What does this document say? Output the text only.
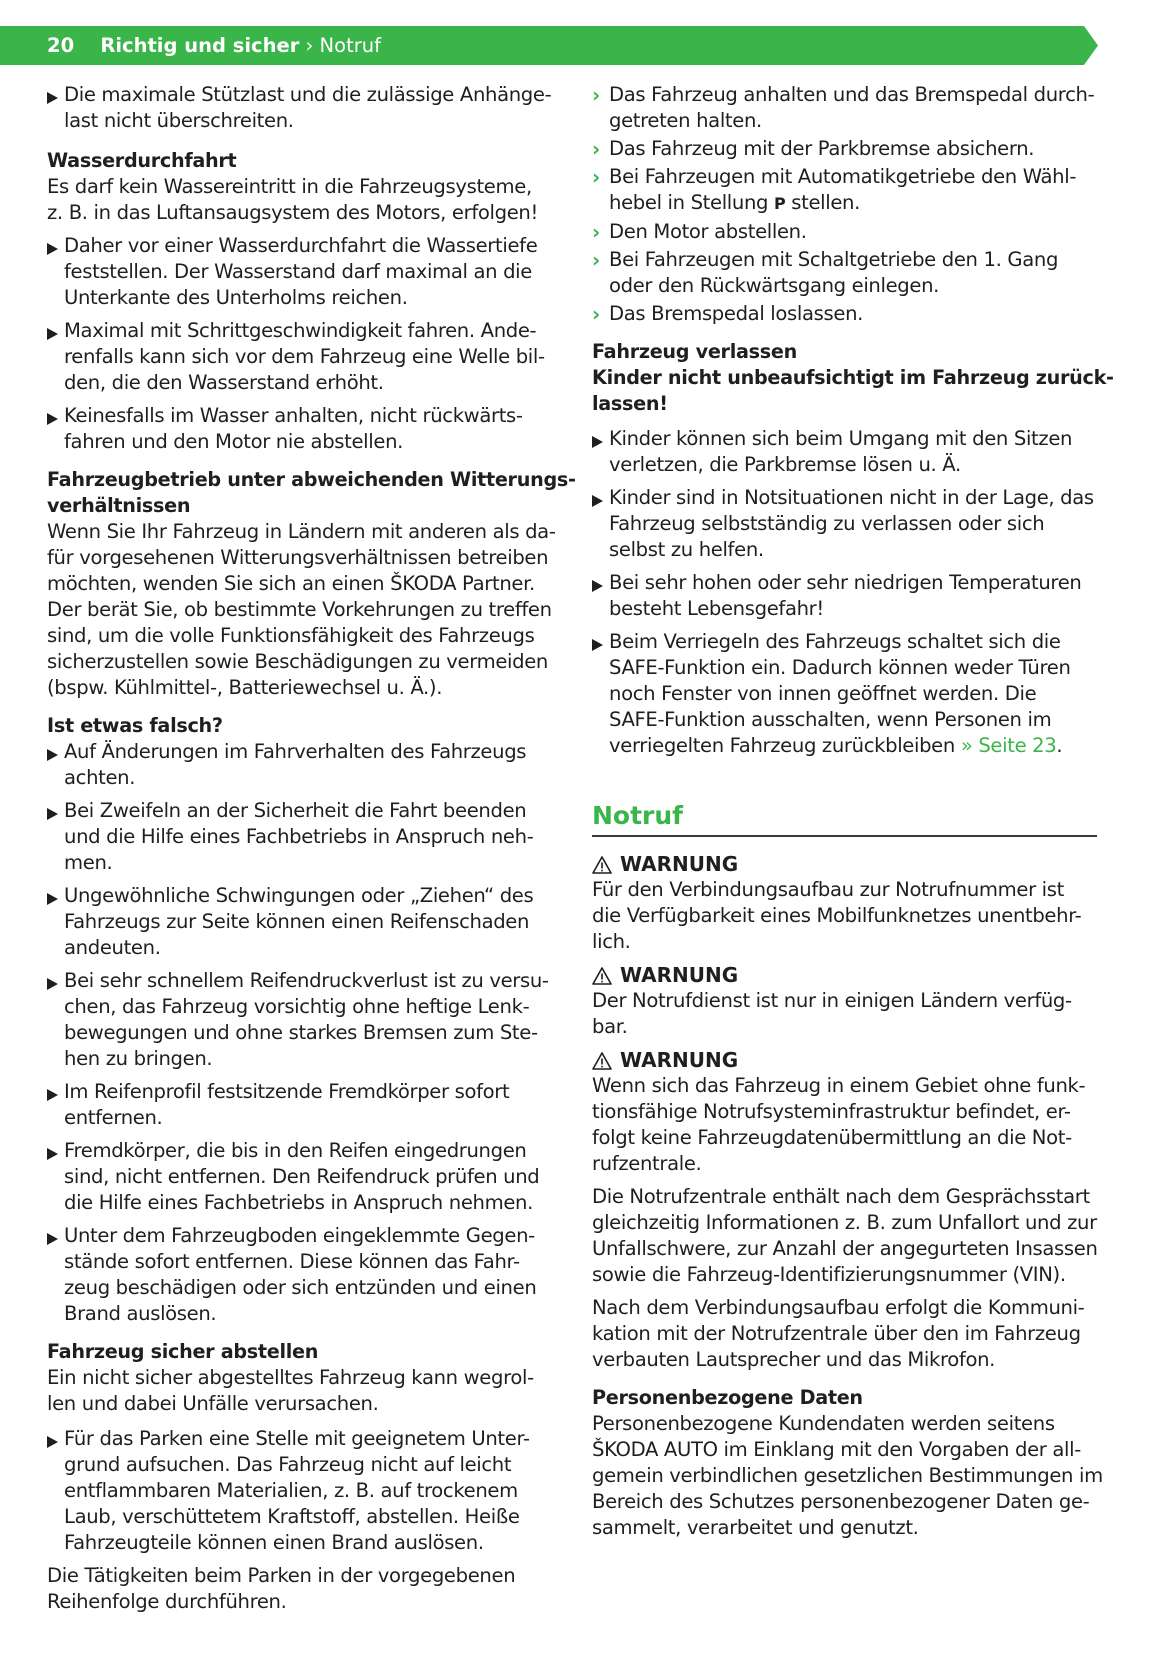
20 Richtig und sicher › Notruf
Die maximale Stützlast und die zulässige Anhänge-
last nicht überschreiten.
Wasserdurchfahrt
Es darf kein Wassereintritt in die Fahrzeugsysteme,
z. B. in das Luftansaugsystem des Motors, erfolgen!
Daher vor einer Wasserdurchfahrt die Wassertiefe
feststellen. Der Wasserstand darf maximal an die
Unterkante des Unterholms reichen.
Maximal mit Schrittgeschwindigkeit fahren. Ande-
renfalls kann sich vor dem Fahrzeug eine Welle bil-
den, die den Wasserstand erhöht.
Keinesfalls im Wasser anhalten, nicht rückwärts-
fahren und den Motor nie abstellen.
Fahrzeugbetrieb unter abweichenden Witterungs-
verhältnissen
Wenn Sie Ihr Fahrzeug in Ländern mit anderen als da-
für vorgesehenen Witterungsverhältnissen betreiben
möchten, wenden Sie sich an einen ŠKODA Partner.
Der berät Sie, ob bestimmte Vorkehrungen zu treffen
sind, um die volle Funktionsfähigkeit des Fahrzeugs
sicherzustellen sowie Beschädigungen zu vermeiden
(bspw. Kühlmittel-, Batteriewechsel u. Ä.).
Ist etwas falsch?
Auf Änderungen im Fahrverhalten des Fahrzeugs
achten.
Bei Zweifeln an der Sicherheit die Fahrt beenden
und die Hilfe eines Fachbetriebs in Anspruch neh-
men.
Ungewöhnliche Schwingungen oder „Ziehen“ des
Fahrzeugs zur Seite können einen Reifenschaden
andeuten.
Bei sehr schnellem Reifendruckverlust ist zu versu-
chen, das Fahrzeug vorsichtig ohne heftige Lenk-
bewegungen und ohne starkes Bremsen zum Ste-
hen zu bringen.
Im Reifenprofil festsitzende Fremdkörper sofort
entfernen.
Fremdkörper, die bis in den Reifen eingedrungen
sind, nicht entfernen. Den Reifendruck prüfen und
die Hilfe eines Fachbetriebs in Anspruch nehmen.
Unter dem Fahrzeugboden eingeklemmte Gegen-
stände sofort entfernen. Diese können das Fahr-
zeug beschädigen oder sich entzünden und einen
Brand auslösen.
Fahrzeug sicher abstellen
Ein nicht sicher abgestelltes Fahrzeug kann wegrol-
len und dabei Unfälle verursachen.
Für das Parken eine Stelle mit geeignetem Unter-
grund aufsuchen. Das Fahrzeug nicht auf leicht
entflammbaren Materialien, z. B. auf trockenem
Laub, verschüttetem Kraftstoff, abstellen. Heiße
Fahrzeugteile können einen Brand auslösen.
Die Tätigkeiten beim Parken in der vorgegebenen
Reihenfolge durchführen.
› Das Fahrzeug anhalten und das Bremspedal durch-
getreten halten.
› Das Fahrzeug mit der Parkbremse absichern.
› Bei Fahrzeugen mit Automatikgetriebe den Wähl-
hebel in Stellung P stellen.
› Den Motor abstellen.
› Bei Fahrzeugen mit Schaltgetriebe den 1. Gang
oder den Rückwärtsgang einlegen.
› Das Bremspedal loslassen.
Fahrzeug verlassen
Kinder nicht unbeaufsichtigt im Fahrzeug zurück-
lassen!
Kinder können sich beim Umgang mit den Sitzen
verletzen, die Parkbremse lösen u. Ä.
Kinder sind in Notsituationen nicht in der Lage, das
Fahrzeug selbstständig zu verlassen oder sich
selbst zu helfen.
Bei sehr hohen oder sehr niedrigen Temperaturen
besteht Lebensgefahr!
Beim Verriegeln des Fahrzeugs schaltet sich die
SAFE-Funktion ein. Dadurch können weder Türen
noch Fenster von innen geöffnet werden. Die
SAFE-Funktion ausschalten, wenn Personen im
verriegelten Fahrzeug zurückbleiben » Seite 23.
Notruf
WARNUNG
Für den Verbindungsaufbau zur Notrufnummer ist
die Verfügbarkeit eines Mobilfunknetzes unentbehr-
lich.
WARNUNG
Der Notrufdienst ist nur in einigen Ländern verfüg-
bar.
WARNUNG
Wenn sich das Fahrzeug in einem Gebiet ohne funk-
tionsfähige Notrufsysteminfrastruktur befindet, er-
folgt keine Fahrzeugdatenübermittlung an die Not-
rufzentrale.
Die Notrufzentrale enthält nach dem Gesprächsstart
gleichzeitig Informationen z. B. zum Unfallort und zur
Unfallschwere, zur Anzahl der angegurteten Insassen
sowie die Fahrzeug-Identifizierungsnummer (VIN).
Nach dem Verbindungsaufbau erfolgt die Kommuni-
kation mit der Notrufzentrale über den im Fahrzeug
verbauten Lautsprecher und das Mikrofon.
Personenbezogene Daten
Personenbezogene Kundendaten werden seitens
ŠKODA AUTO im Einklang mit den Vorgaben der all-
gemein verbindlichen gesetzlichen Bestimmungen im
Bereich des Schutzes personenbezogener Daten ge-
sammelt, verarbeitet und genutzt.
